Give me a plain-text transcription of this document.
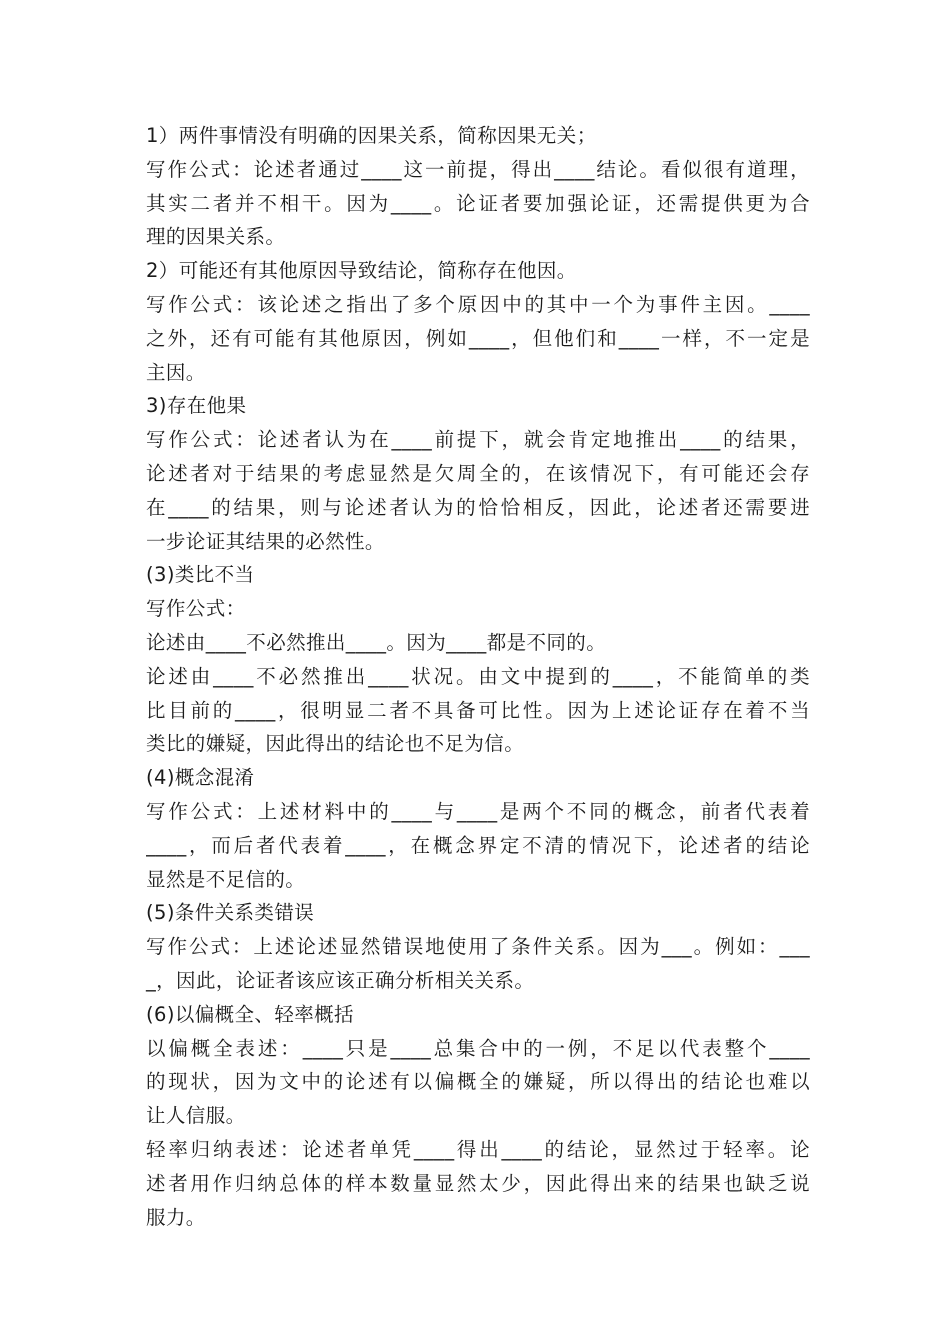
1）两件事情没有明确的因果关系，简称因果无关；
写作公式：论述者通过____这一前提，得出____结论。看似很有道理，
其实二者并不相干。因为____。论证者要加强论证，还需提供更为合
理的因果关系。
2）可能还有其他原因导致结论，简称存在他因。
写作公式：该论述之指出了多个原因中的其中一个为事件主因。____
之外，还有可能有其他原因，例如____，但他们和____一样，不一定是
主因。
3)存在他果
写作公式：论述者认为在____前提下，就会肯定地推出____的结果，
论述者对于结果的考虑显然是欠周全的，在该情况下，有可能还会存
在____的结果，则与论述者认为的恰恰相反，因此，论述者还需要进
一步论证其结果的必然性。
(3)类比不当
写作公式：
论述由____不必然推出____。因为____都是不同的。
论述由____不必然推出____状况。由文中提到的____，不能简单的类
比目前的____，很明显二者不具备可比性。因为上述论证存在着不当
类比的嫌疑，因此得出的结论也不足为信。
(4)概念混淆
写作公式：上述材料中的____与____是两个不同的概念，前者代表着
____，而后者代表着____，在概念界定不清的情况下，论述者的结论
显然是不足信的。
(5)条件关系类错误
写作公式：上述论述显然错误地使用了条件关系。因为___。例如：___
_，因此，论证者该应该正确分析相关关系。
(6)以偏概全、轻率概括
以偏概全表述：____只是____总集合中的一例，不足以代表整个____
的现状，因为文中的论述有以偏概全的嫌疑，所以得出的结论也难以
让人信服。
轻率归纳表述：论述者单凭____得出____的结论，显然过于轻率。论
述者用作归纳总体的样本数量显然太少，因此得出来的结果也缺乏说
服力。
